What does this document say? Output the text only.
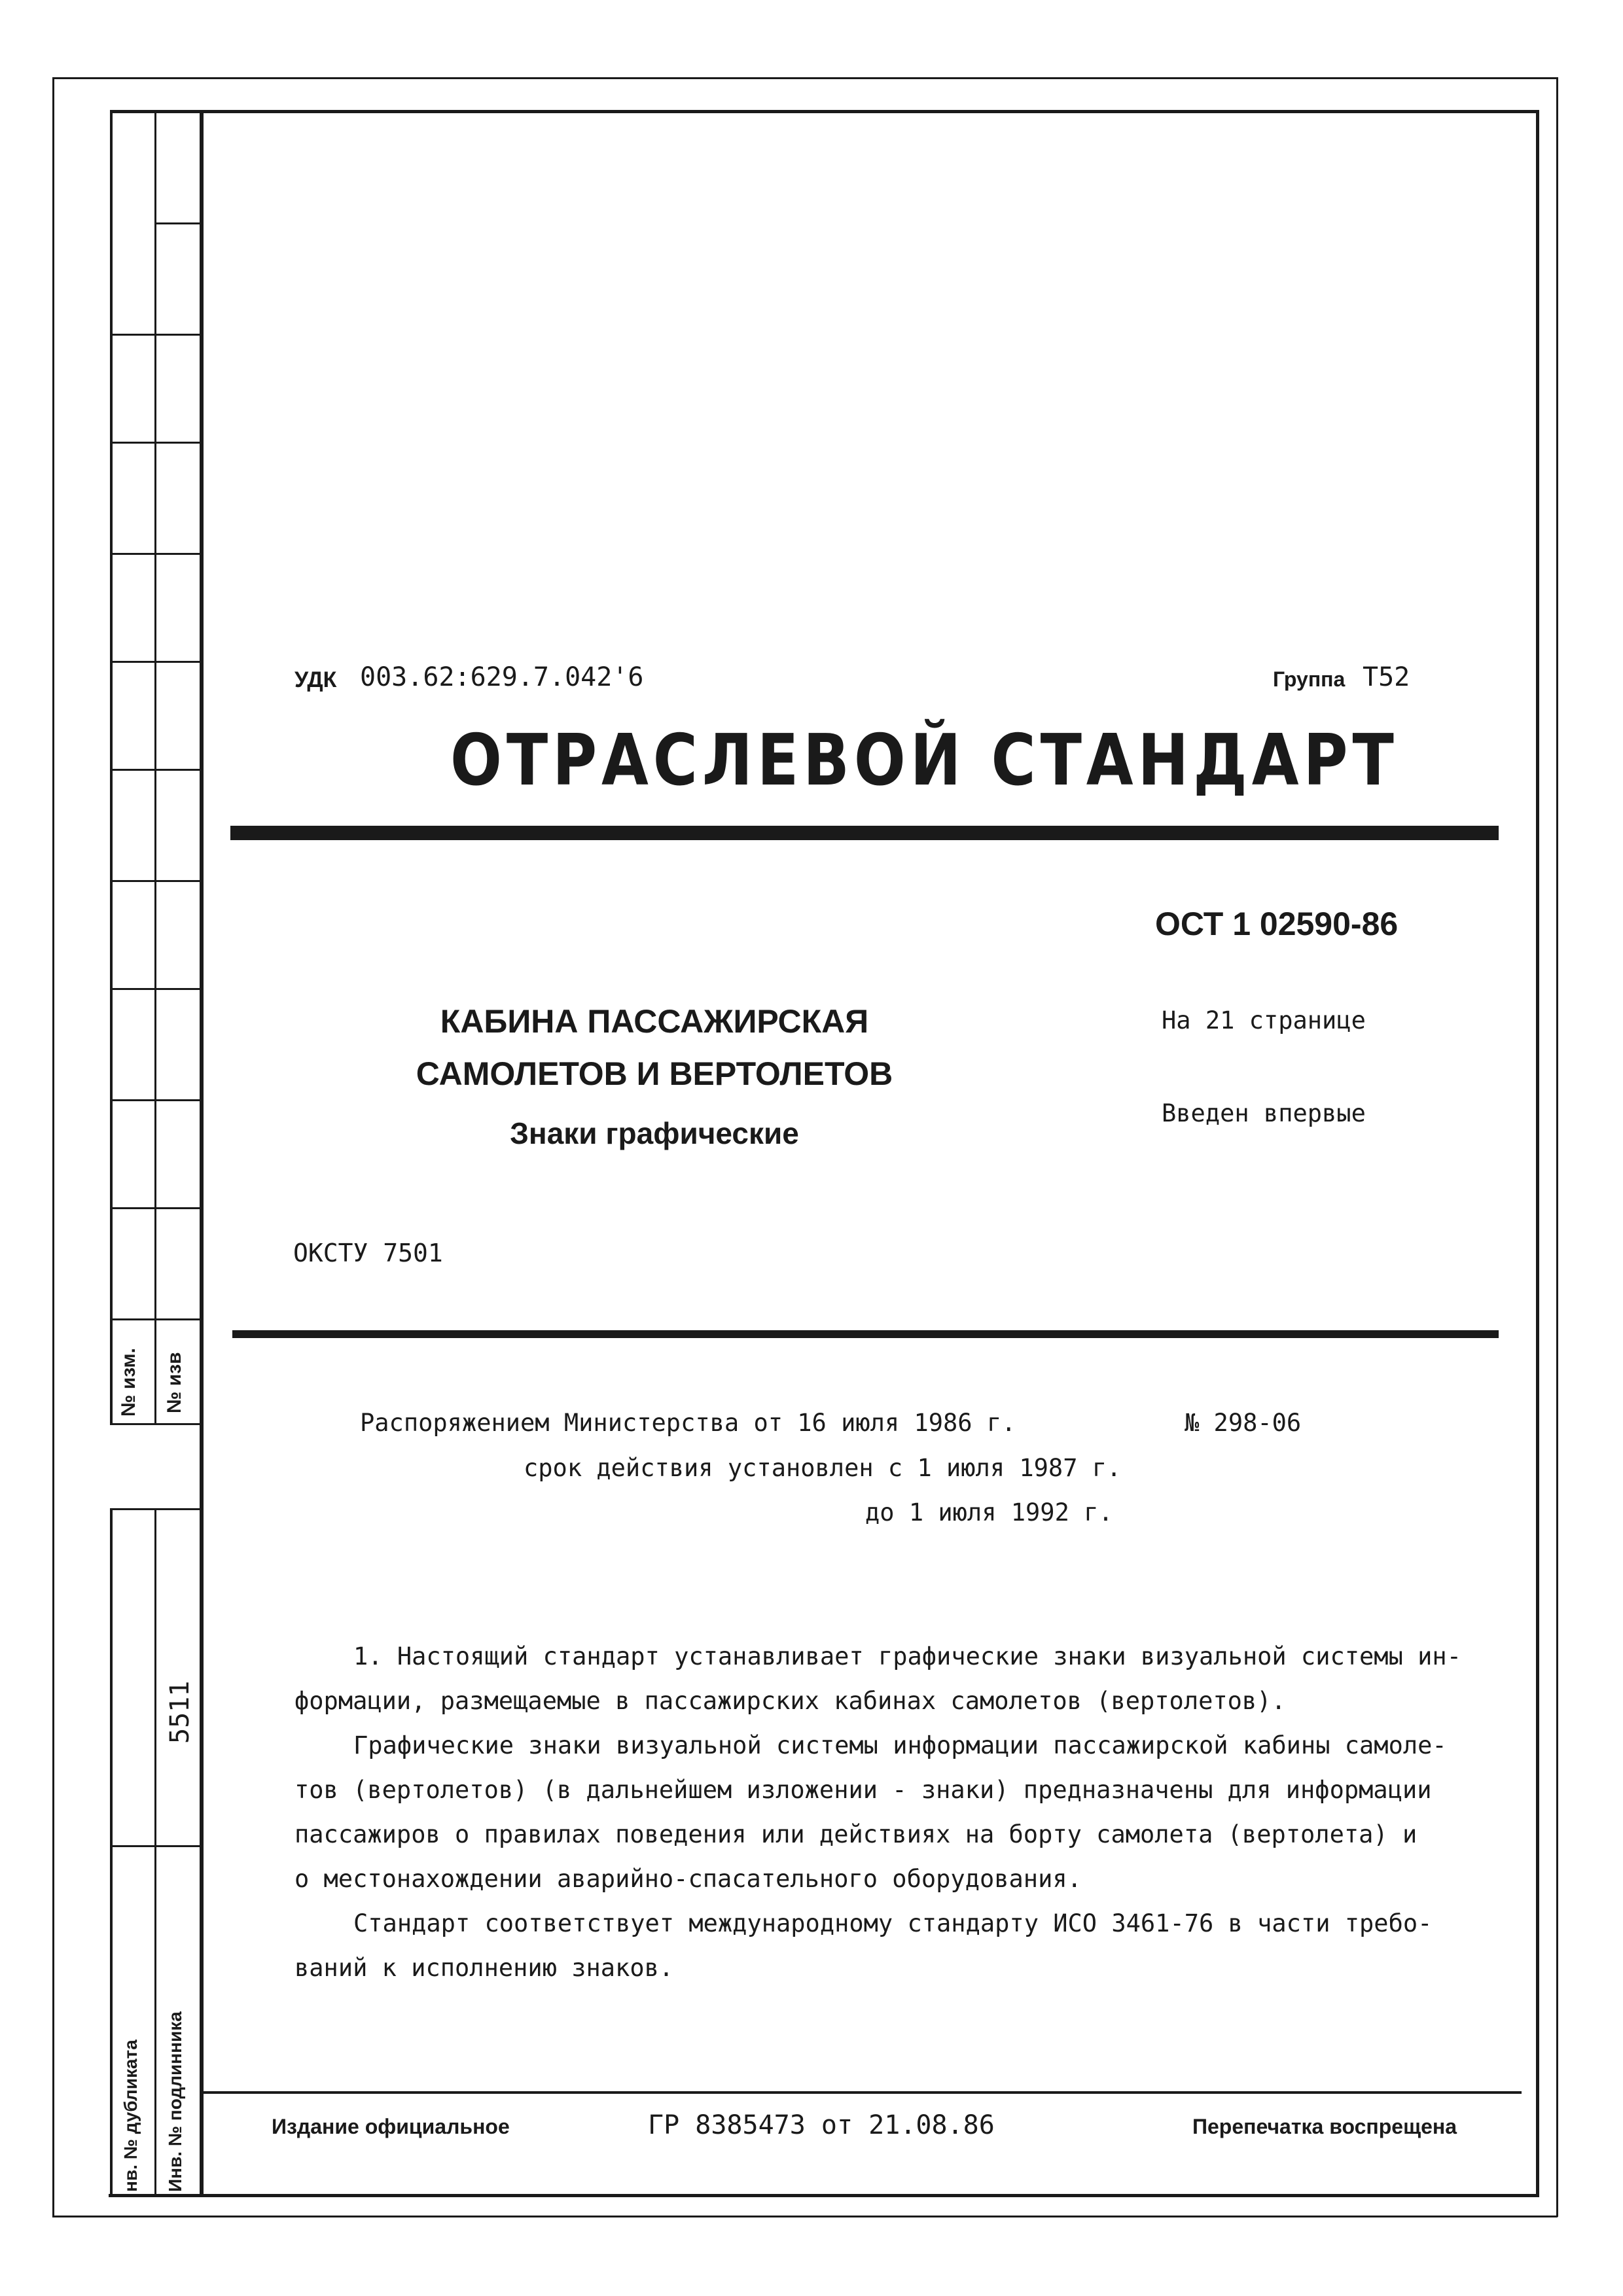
№ изм. № изв
5511
нв. № дубликата Инв. № подлинника
УДК 003.62:629.7.042'6	Группа Т52
ОТРАСЛЕВОЙ СТАНДАРТ
ОСТ 1 02590-86
На 21 странице
Введен впервые
КАБИНА ПАССАЖИРСКАЯ
САМОЛЕТОВ И ВЕРТОЛЕТОВ
Знаки графические
ОКСТУ 7501
Распоряжением Министерства от 16 июля 1986 г.	№ 298-06
срок действия установлен с 1 июля 1987 г.
до 1 июля 1992 г.
1. Настоящий стандарт устанавливает графические знаки визуальной системы ин-
формации, размещаемые в пассажирских кабинах самолетов (вертолетов).
Графические знаки визуальной системы информации пассажирской кабины самоле-
тов (вертолетов) (в дальнейшем изложении - знаки) предназначены для информации
пассажиров о правилах поведения или действиях на борту самолета (вертолета) и
о местонахождении аварийно-спасательного оборудования.
Стандарт соответствует международному стандарту ИСО 3461-76 в части требо-
ваний к исполнению знаков.
Издание официальное	ГР 8385473 от 21.08.86	Перепечатка воспрещена
